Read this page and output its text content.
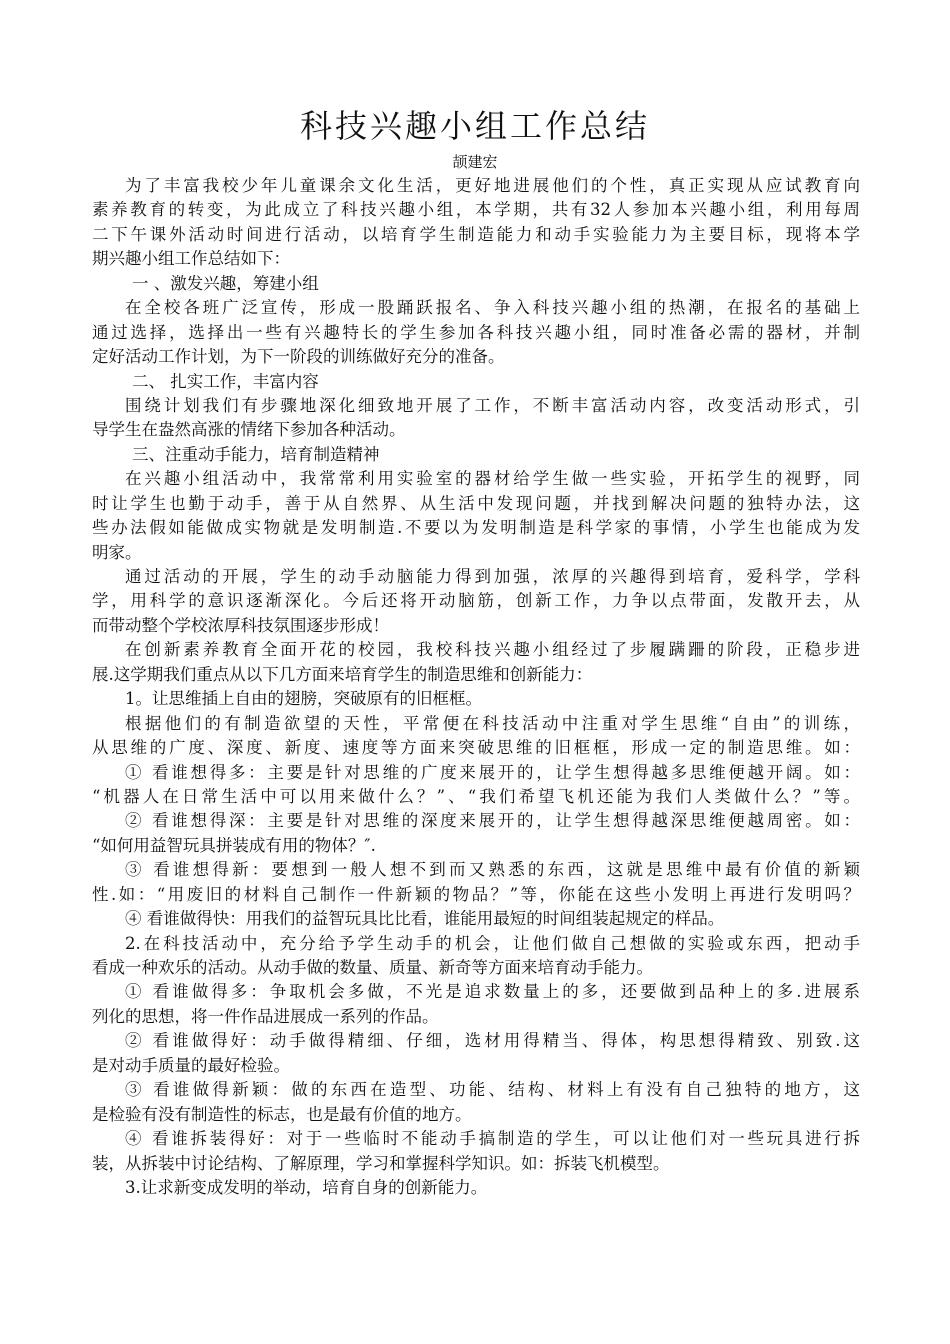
科技兴趣小组工作总结
颉建宏
为了丰富我校少年儿童课余文化生活，更好地进展他们的个性，真正实现从应试教育向
素养教育的转变，为此成立了科技兴趣小组，本学期，共有32人参加本兴趣小组，利用每周
二下午课外活动时间进行活动，以培育学生制造能力和动手实验能力为主要目标，现将本学
期兴趣小组工作总结如下：
一 、激发兴趣，筹建小组
在全校各班广泛宣传，形成一股踊跃报名、争入科技兴趣小组的热潮，在报名的基础上
通过选择，选择出一些有兴趣特长的学生参加各科技兴趣小组，同时准备必需的器材，并制
定好活动工作计划，为下一阶段的训练做好充分的准备。
二、 扎实工作，丰富内容
围绕计划我们有步骤地深化细致地开展了工作，不断丰富活动内容，改变活动形式，引
导学生在盎然高涨的情绪下参加各种活动。
三、注重动手能力，培育制造精神
在兴趣小组活动中，我常常利用实验室的器材给学生做一些实验，开拓学生的视野，同
时让学生也勤于动手，善于从自然界、从生活中发现问题，并找到解决问题的独特办法，这
些办法假如能做成实物就是发明制造.不要以为发明制造是科学家的事情，小学生也能成为发
明家。
通过活动的开展，学生的动手动脑能力得到加强，浓厚的兴趣得到培育，爱科学，学科
学，用科学的意识逐渐深化。今后还将开动脑筋，创新工作，力争以点带面，发散开去，从
而带动整个学校浓厚科技氛围逐步形成！
在创新素养教育全面开花的校园，我校科技兴趣小组经过了步履蹒跚的阶段，正稳步进
展.这学期我们重点从以下几方面来培育学生的制造思维和创新能力：
1。让思维插上自由的翅膀，突破原有的旧框框。
根据他们的有制造欲望的天性，平常便在科技活动中注重对学生思维“自由”的训练，
从思维的广度、深度、新度、速度等方面来突破思维的旧框框，形成一定的制造思维。如：
① 看谁想得多：主要是针对思维的广度来展开的，让学生想得越多思维便越开阔。如：
“机器人在日常生活中可以用来做什么？”、“我们希望飞机还能为我们人类做什么？”等。
② 看谁想得深：主要是针对思维的深度来展开的，让学生想得越深思维便越周密。如：
“如何用益智玩具拼装成有用的物体？″.
③ 看谁想得新：要想到一般人想不到而又熟悉的东西，这就是思维中最有价值的新颖
性.如：“用废旧的材料自己制作一件新颖的物品？”等，你能在这些小发明上再进行发明吗？
④ 看谁做得快：用我们的益智玩具比比看，谁能用最短的时间组装起规定的样品。
2.在科技活动中，充分给予学生动手的机会，让他们做自己想做的实验或东西，把动手
看成一种欢乐的活动。从动手做的数量、质量、新奇等方面来培育动手能力。
① 看谁做得多：争取机会多做，不光是追求数量上的多，还要做到品种上的多.进展系
列化的思想，将一件作品进展成一系列的作品。
② 看谁做得好：动手做得精细、仔细，选材用得精当、得体，构思想得精致、别致.这
是对动手质量的最好检验。
③ 看谁做得新颖：做的东西在造型、功能、结构、材料上有没有自己独特的地方，这
是检验有没有制造性的标志，也是最有价值的地方。
④ 看谁拆装得好：对于一些临时不能动手搞制造的学生，可以让他们对一些玩具进行拆
装，从拆装中讨论结构、了解原理，学习和掌握科学知识。如：拆装飞机模型。
3.让求新变成发明的举动，培育自身的创新能力。
